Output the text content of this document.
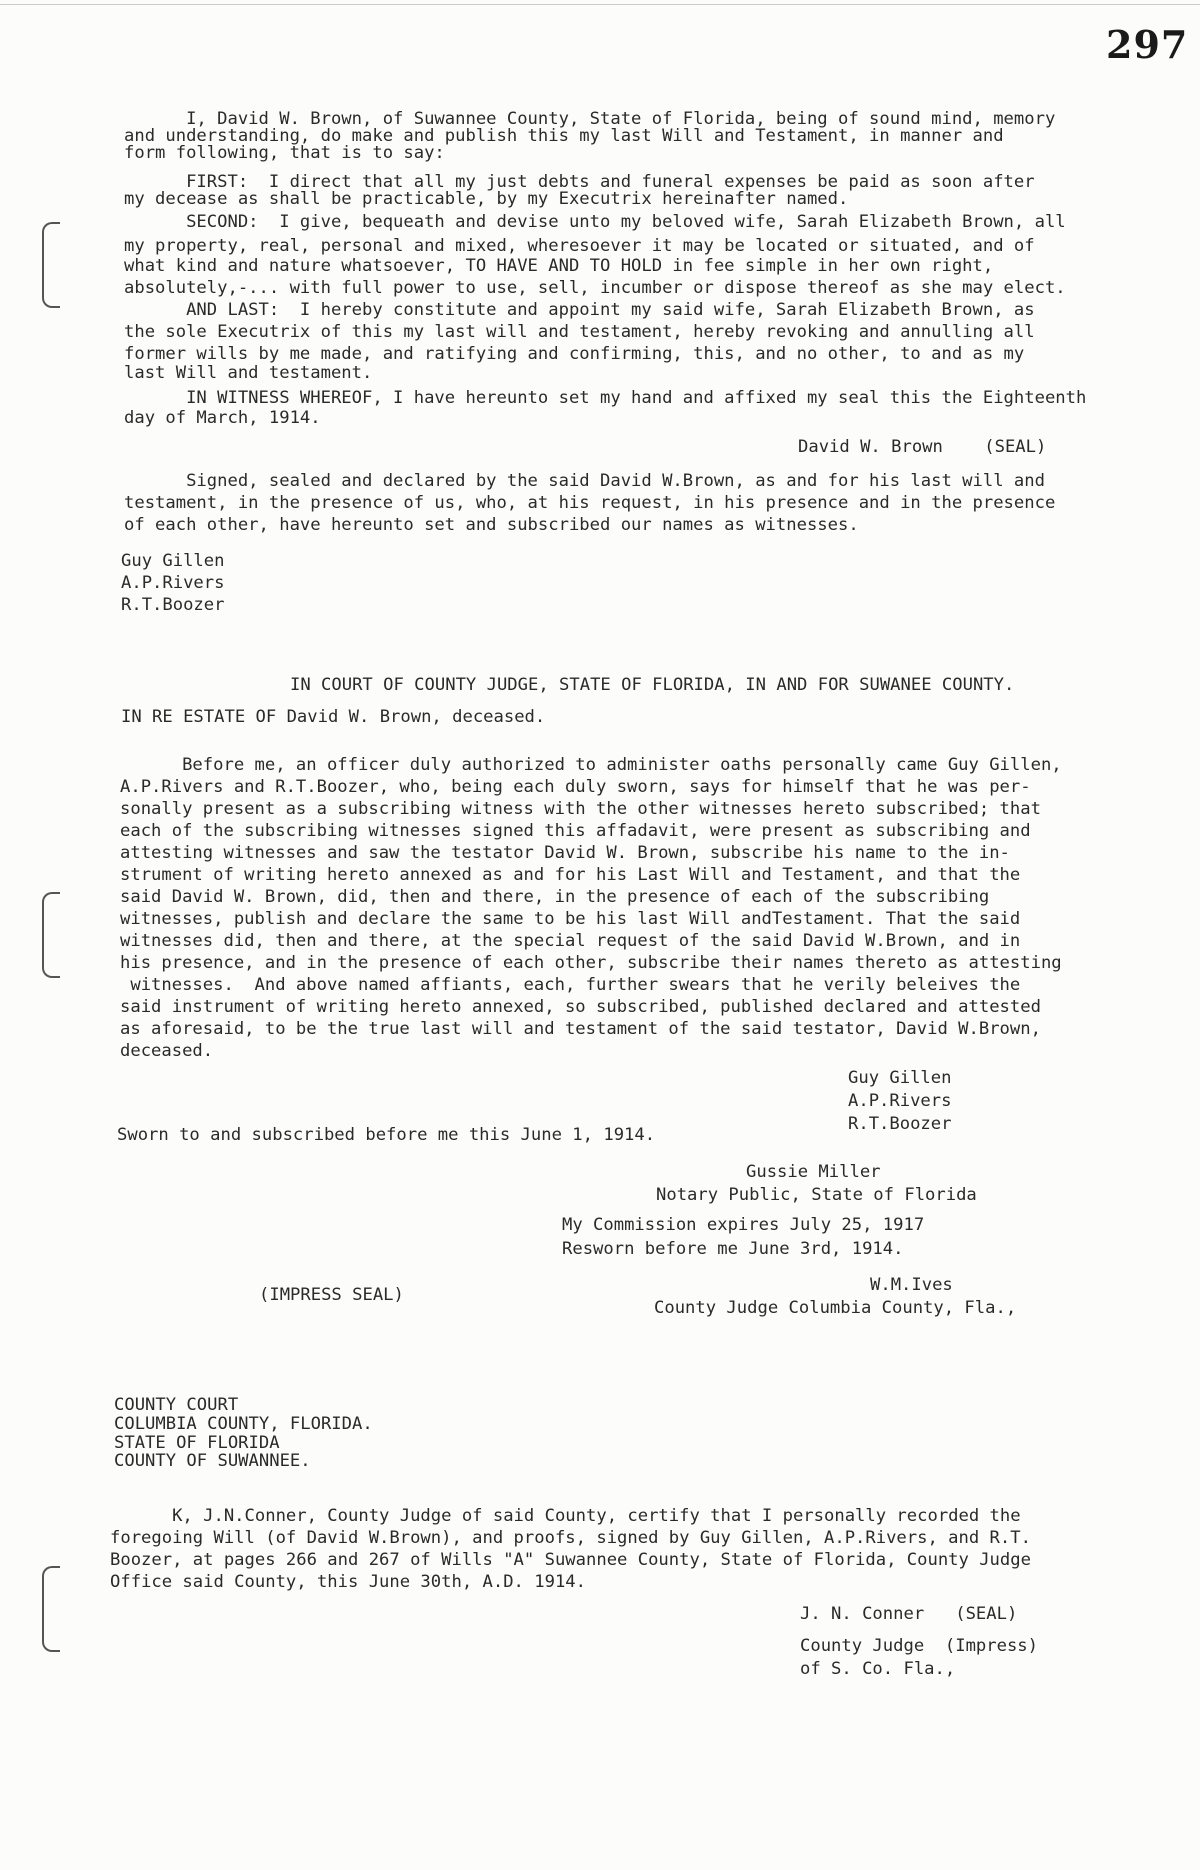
297
I, David W. Brown, of Suwannee County, State of Florida, being of sound mind, memory
and understanding, do make and publish this my last Will and Testament, in manner and
form following, that is to say:
FIRST:  I direct that all my just debts and funeral expenses be paid as soon after
my decease as shall be practicable, by my Executrix hereinafter named.
SECOND:  I give, bequeath and devise unto my beloved wife, Sarah Elizabeth Brown, all
my property, real, personal and mixed, wheresoever it may be located or situated, and of
what kind and nature whatsoever, TO HAVE AND TO HOLD in fee simple in her own right,
absolutely,-... with full power to use, sell, incumber or dispose thereof as she may elect.
AND LAST:  I hereby constitute and appoint my said wife, Sarah Elizabeth Brown, as
the sole Executrix of this my last will and testament, hereby revoking and annulling all
former wills by me made, and ratifying and confirming, this, and no other, to and as my
last Will and testament.
IN WITNESS WHEREOF, I have hereunto set my hand and affixed my seal this the Eighteenth
day of March, 1914.
David W. Brown    (SEAL)
Signed, sealed and declared by the said David W.Brown, as and for his last will and
testament, in the presence of us, who, at his request, in his presence and in the presence
of each other, have hereunto set and subscribed our names as witnesses.
Guy Gillen
A.P.Rivers
R.T.Boozer
IN COURT OF COUNTY JUDGE, STATE OF FLORIDA, IN AND FOR SUWANEE COUNTY.
IN RE ESTATE OF David W. Brown, deceased.
Before me, an officer duly authorized to administer oaths personally came Guy Gillen,
A.P.Rivers and R.T.Boozer, who, being each duly sworn, says for himself that he was per-
sonally present as a subscribing witness with the other witnesses hereto subscribed; that
each of the subscribing witnesses signed this affadavit, were present as subscribing and
attesting witnesses and saw the testator David W. Brown, subscribe his name to the in-
strument of writing hereto annexed as and for his Last Will and Testament, and that the
said David W. Brown, did, then and there, in the presence of each of the subscribing
witnesses, publish and declare the same to be his last Will andTestament. That the said
witnesses did, then and there, at the special request of the said David W.Brown, and in
his presence, and in the presence of each other, subscribe their names thereto as attesting
witnesses.  And above named affiants, each, further swears that he verily beleives the
said instrument of writing hereto annexed, so subscribed, published declared and attested
as aforesaid, to be the true last will and testament of the said testator, David W.Brown,
deceased.
Guy Gillen
A.P.Rivers
R.T.Boozer
Sworn to and subscribed before me this June 1, 1914.
Gussie Miller
Notary Public, State of Florida
My Commission expires July 25, 1917
Resworn before me June 3rd, 1914.
W.M.Ives
(IMPRESS SEAL)
County Judge Columbia County, Fla.,
COUNTY COURT
COLUMBIA COUNTY, FLORIDA.
STATE OF FLORIDA
COUNTY OF SUWANNEE.
K, J.N.Conner, County Judge of said County, certify that I personally recorded the
foregoing Will (of David W.Brown), and proofs, signed by Guy Gillen, A.P.Rivers, and R.T.
Boozer, at pages 266 and 267 of Wills "A" Suwannee County, State of Florida, County Judge
Office said County, this June 30th, A.D. 1914.
J. N. Conner   (SEAL)
County Judge  (Impress)
of S. Co. Fla.,
